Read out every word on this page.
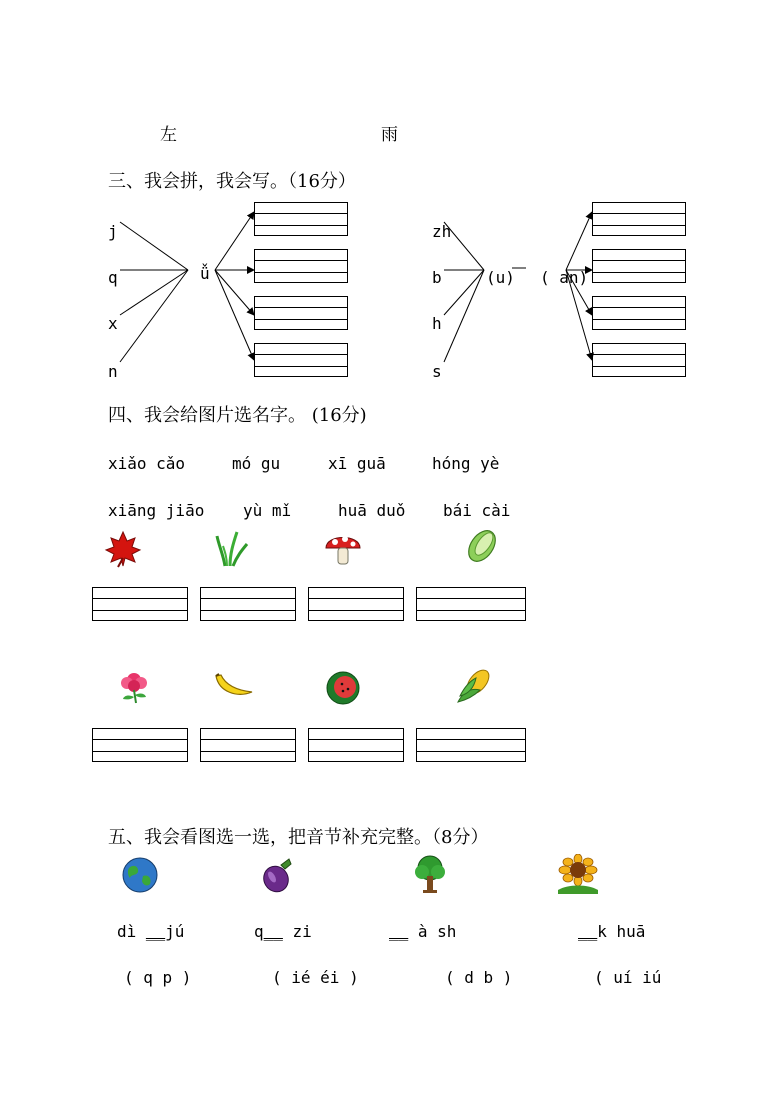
左	雨
三、我会拼，我会写。（16分）
j
q
x
n
ǚ
zh
b
h
s
(u) ( an)
四、我会给图片选名字。 (16分)
xiǎo cǎo	mó gu	xī guā	hóng yè
xiāng jiāo yù mǐ	huā duǒ bái cài
五、我会看图选一选，把音节补充完整。（8分）
dì __jú	q__ zi	__ à sh	__k huā
( q p )	( ié éi )	( d b )	( uí iú
